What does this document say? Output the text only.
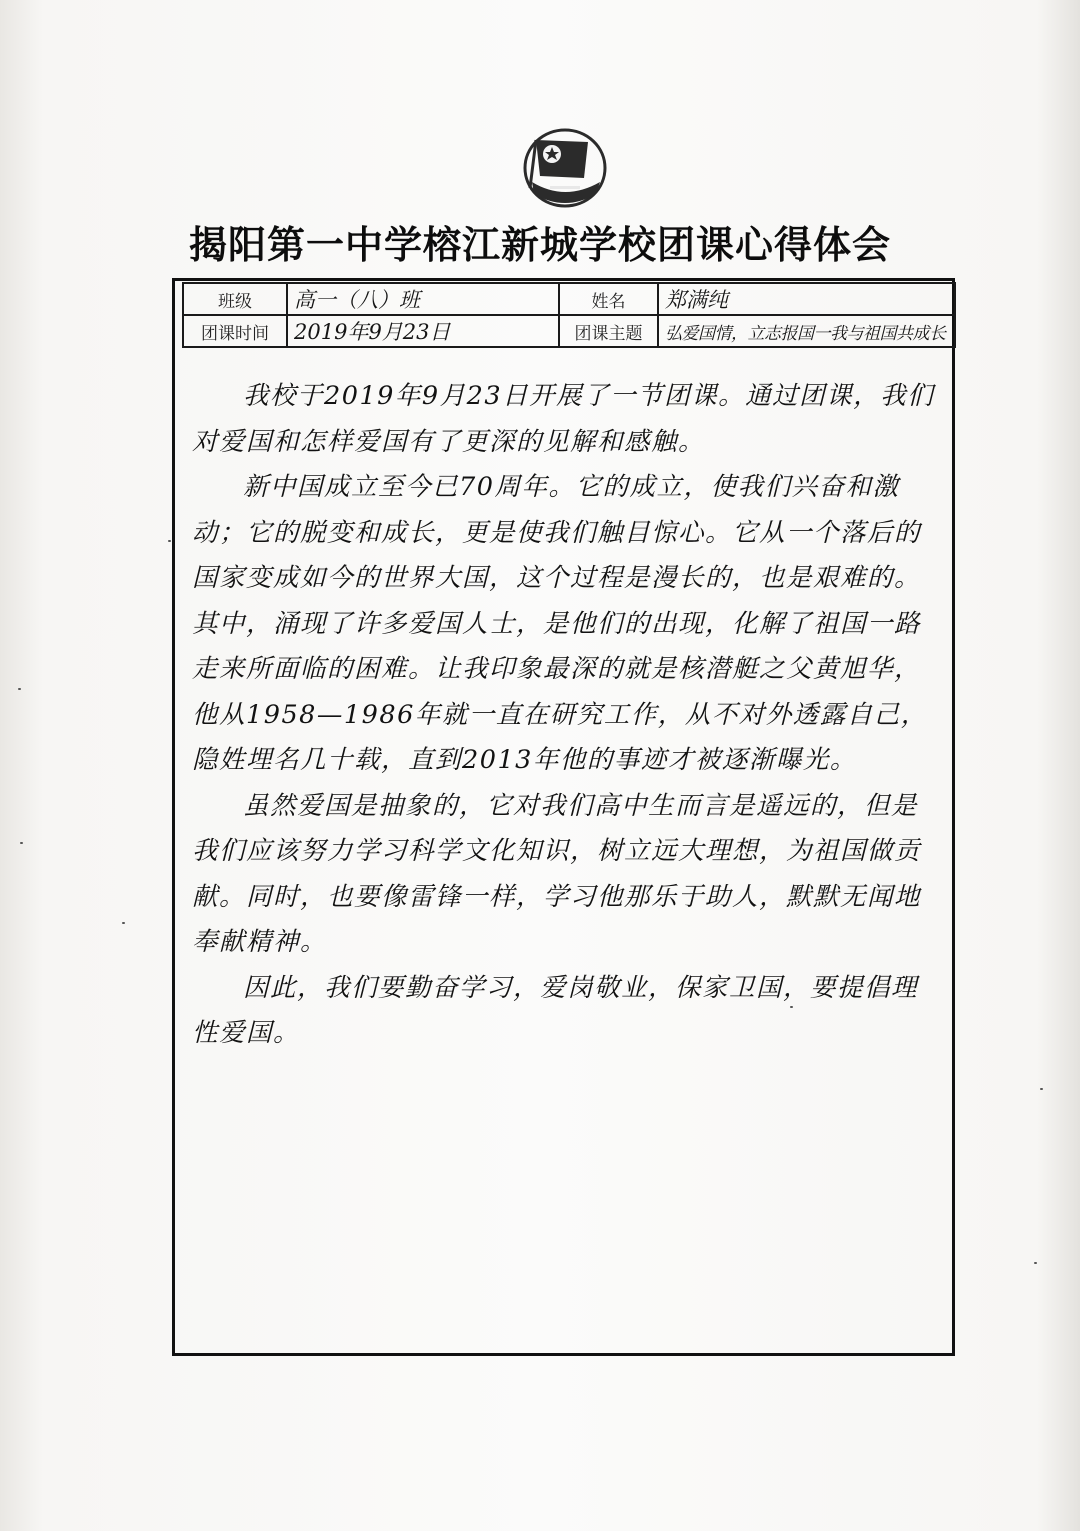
揭阳第一中学榕江新城学校团课心得体会
班级	高一（八）班	姓名	郑满纯
团课时间	2019年9月23日	团课主题	弘爱国情，立志报国一我与祖国共成长

我校于2019年9月23日开展了一节团课。通过团课，我们对爱国和怎样爱国有了更深的见解和感触。

新中国成立至今已70周年。它的成立，使我们兴奋和激动；它的脱变和成长，更是使我们触目惊心。它从一个落后的国家变成如今的世界大国，这个过程是漫长的，也是艰难的。其中，涌现了许多爱国人士，是他们的出现，化解了祖国一路走来所面临的困难。让我印象最深的就是核潜艇之父黄旭华，他从1958—1986年就一直在研究工作，从不对外透露自己，隐姓埋名几十载，直到2013年他的事迹才被逐渐曝光。

虽然爱国是抽象的，它对我们高中生而言是遥远的，但是我们应该努力学习科学文化知识，树立远大理想，为祖国做贡献。同时，也要像雷锋一样，学习他那乐于助人，默默无闻地奉献精神。

因此，我们要勤奋学习，爱岗敬业，保家卫国，要提倡理性爱国。
